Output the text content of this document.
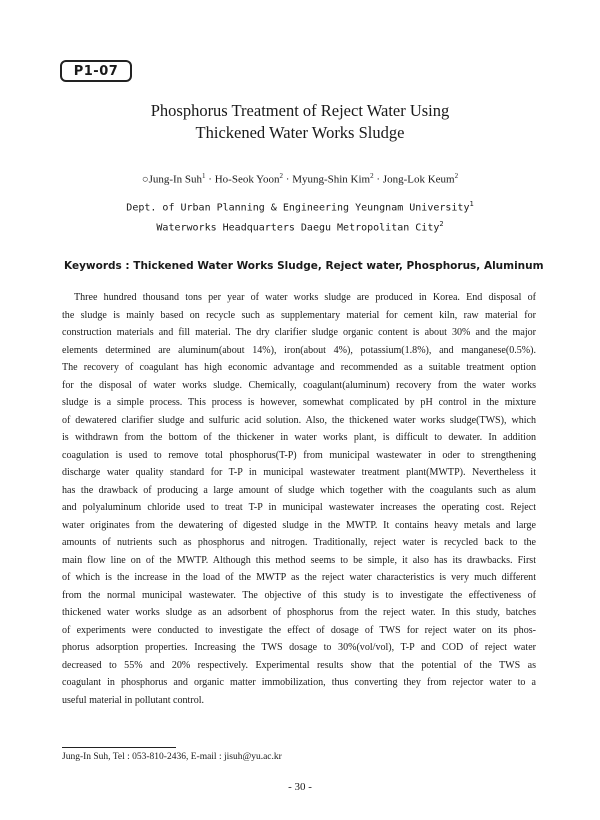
P1-07
Phosphorus Treatment of Reject Water Using
Thickened Water Works Sludge
○Jung-In Suh$^1$ · Ho-Seok Yoon$^2$ · Myung-Shin Kim$^2$ · Jong-Lok Keum$^2$
Dept. of Urban Planning & Engineering Yeungnam University$^1$
Waterworks Headquarters Daegu Metropolitan City$^2$
Keywords : Thickened Water Works Sludge, Reject water, Phosphorus, Aluminum
Three hundred thousand tons per year of water works sludge are produced in Korea. End disposal of
the sludge is mainly based on recycle such as supplementary material for cement kiln, raw material for
construction materials and fill material. The dry clarifier sludge organic content is about 30% and the major
elements determined are aluminum(about 14%), iron(about 4%), potassium(1.8%), and manganese(0.5%).
The recovery of coagulant has high economic advantage and recommended as a suitable treatment option
for the disposal of water works sludge. Chemically, coagulant(aluminum) recovery from the water works
sludge is a simple process. This process is however, somewhat complicated by pH control in the mixture
of dewatered clarifier sludge and sulfuric acid solution. Also, the thickened water works sludge(TWS), which
is withdrawn from the bottom of the thickener in water works plant, is difficult to dewater. In addition
coagulation is used to remove total phosphorus(T-P) from municipal wastewater in oder to strengthening
discharge water quality standard for T-P in municipal wastewater treatment plant(MWTP). Nevertheless it
has the drawback of producing a large amount of sludge which together with the coagulants such as alum
and polyaluminum chloride used to treat T-P in municipal wastewater increases the operating cost. Reject
water originates from the dewatering of digested sludge in the MWTP. It contains heavy metals and large
amounts of nutrients such as phosphorus and nitrogen. Traditionally, reject water is recycled back to the
main flow line on of the MWTP. Although this method seems to be simple, it also has its drawbacks. First
of which is the increase in the load of the MWTP as the reject water characteristics is very much different
from the normal municipal wastewater. The objective of this study is to investigate the effectiveness of
thickened water works sludge as an adsorbent of phosphorus from the reject water. In this study, batches
of experiments were conducted to investigate the effect of dosage of TWS for reject water on its phos-
phorus adsorption properties. Increasing the TWS dosage to 30%(vol/vol), T-P and COD of reject water
decreased to 55% and 20% respectively. Experimental results show that the potential of the TWS as
coagulant in phosphorus and organic matter immobilization, thus converting they from rejector water to a
useful material in pollutant control.
Jung-In Suh, Tel : 053-810-2436, E-mail : jisuh@yu.ac.kr
- 30 -
